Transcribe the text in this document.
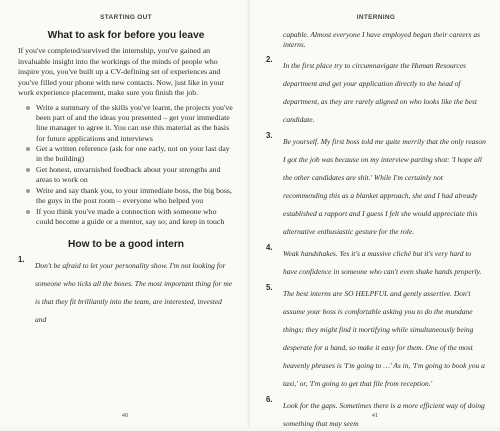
STARTING OUT
What to ask for before you leave

If you've completed/survived the internship, you've gained an invaluable insight into the workings of the minds of people who inspire you, you've built up a CV-defining set of experiences and you've filled your phone with new contacts. Now, just like in your work experience placement, make sure you finish the job.

Write a summary of the skills you've learnt, the projects you've been part of and the ideas you presented – get your immediate line manager to agree it. You can use this material as the basis for future applications and interviews
Get a written reference (ask for one early, not on your last day in the building)
Get honest, unvarnished feedback about your strengths and areas to work on
Write and say thank you, to your immediate boss, the big boss, the guys in the post room – everyone who helped you
If you think you've made a connection with someone who could become a guide or a mentor, say so; and keep in touch
How to be a good intern
1.
Don't be afraid to let your personality show. I'm not looking for someone who ticks all the boxes. The most important thing for me is that they fit brilliantly into the team, are interested, invested and
40
INTERNING
capable. Almost everyone I have employed began their careers as interns.
2.
In the first place try to circumnavigate the Human Resources department and get your application directly to the head of department, as they are rarely aligned on who looks like the best candidate.
3.
Be yourself. My first boss told me quite merrily that the only reason I got the job was because on my interview parting shot: 'I hope all the other candidates are shit.' While I'm certainly not recommending this as a blanket approach, she and I had already established a rapport and I guess I felt she would appreciate this alternative enthusiastic gesture for the role.
4.
Weak handshakes. Yes it's a massive cliché but it's very hard to have confidence in someone who can't even shake hands properly.
5.
The best interns are SO HELPFUL and gently assertive. Don't assume your boss is comfortable asking you to do the mundane things; they might find it mortifying while simultaneously being desperate for a hand, so make it easy for them. One of the most heavenly phrases is 'I'm going to …' As in, 'I'm going to book you a taxi,' or, 'I'm going to get that file from reception.'
6.
Look for the gaps. Sometimes there is a more efficient way of doing something that may seem
41
